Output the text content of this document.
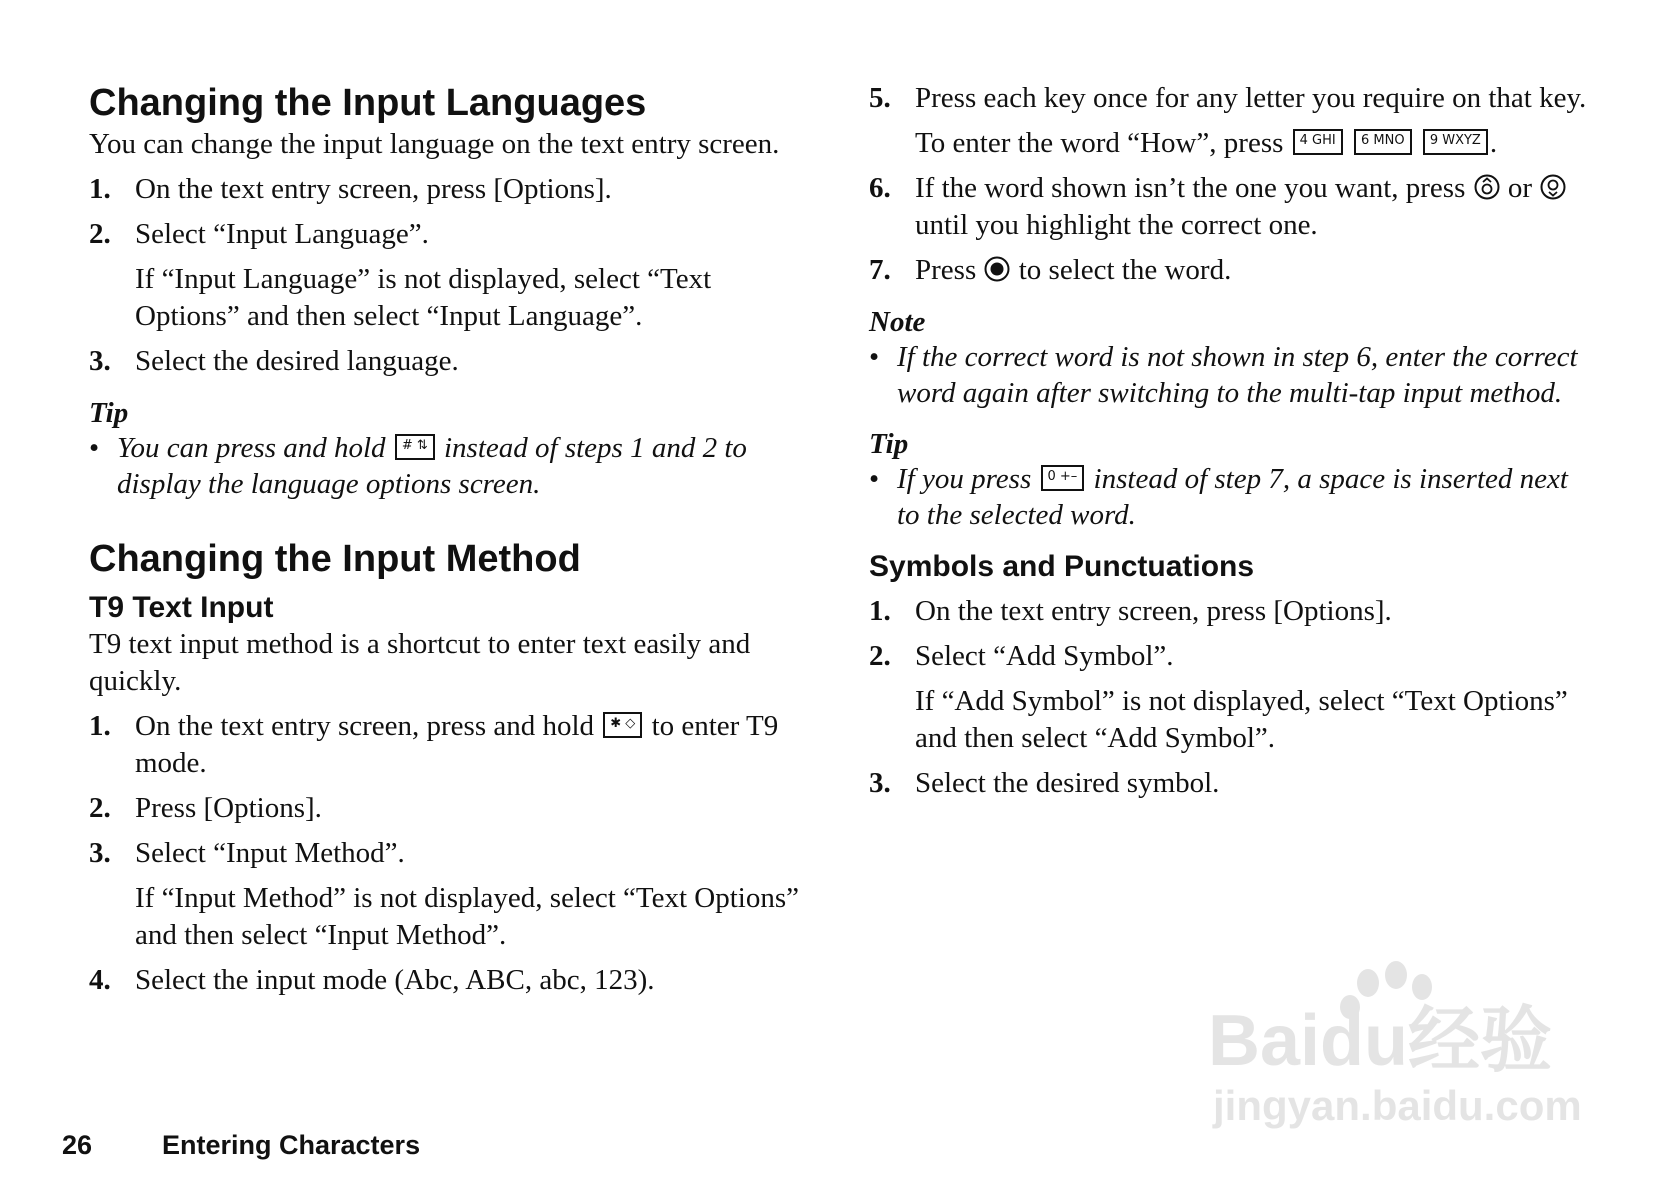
Changing the Input Languages

You can change the input language on the text entry screen.

1. On the text entry screen, press [Options].
2. Select “Input Language”.
If “Input Language” is not displayed, select “Text Options” and then select “Input Language”.
3. Select the desired language.
Tip
• You can press and hold # ⇅ instead of steps 1 and 2 to display the language options screen.
Changing the Input Method
T9 Text Input

T9 text input method is a shortcut to enter text easily and quickly.

1. On the text entry screen, press and hold ✱ ◇ to enter T9 mode.
2. Press [Options].
3. Select “Input Method”.
If “Input Method” is not displayed, select “Text Options” and then select “Input Method”.
4. Select the input mode (Abc, ABC, abc, 123).
5. Press each key once for any letter you require on that key.
To enter the word “How”, press 4 GHI 6 MNO 9 WXYZ .
6. If the word shown isn’t the one you want, press or  until you highlight the correct one.
7. Press to select the word.
Note
• If the correct word is not shown in step 6, enter the correct word again after switching to the multi-tap input method.
Tip
• If you press 0 +– instead of step 7, a space is inserted next to the selected word.
Symbols and Punctuations
1. On the text entry screen, press [Options].
2. Select “Add Symbol”.
If “Add Symbol” is not displayed, select “Text Options” and then select “Add Symbol”.
3. Select the desired symbol.
Baidu经验
jingyan.baidu.com
26	Entering Characters
